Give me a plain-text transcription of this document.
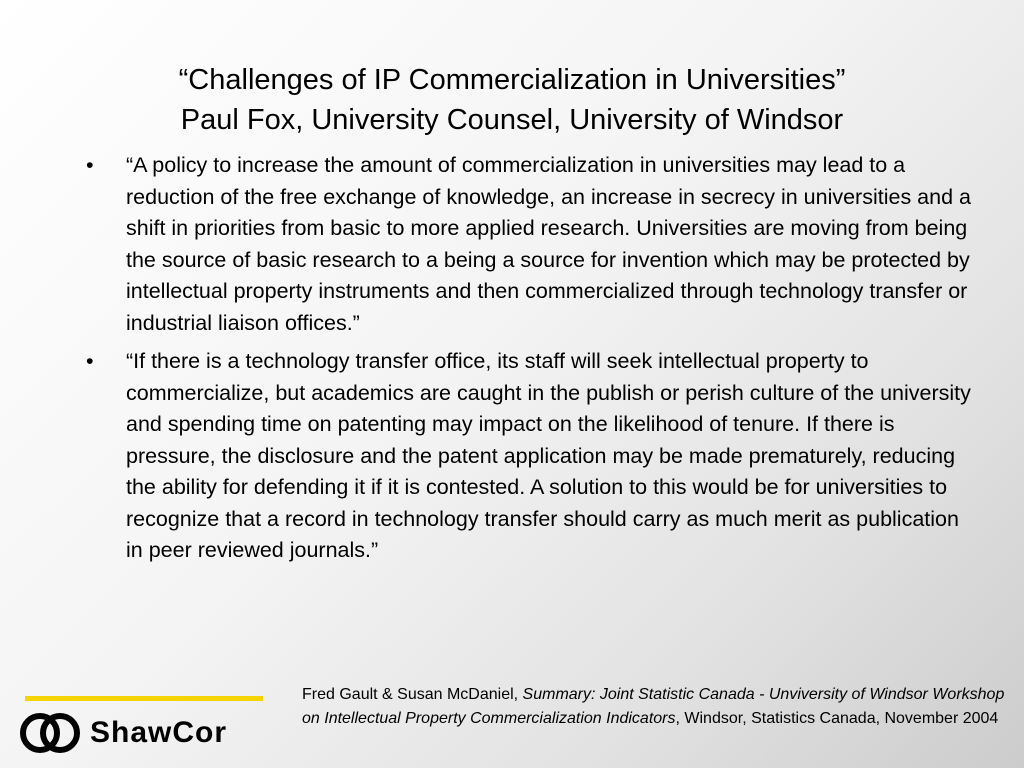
“Challenges of IP Commercialization in Universities”
Paul Fox, University Counsel, University of Windsor
• “A policy to increase the amount of commercialization in universities may lead to a reduction of the free exchange of knowledge, an increase in secrecy in universities and a shift in priorities from basic to more applied research. Universities are moving from being the source of basic research to a being a source for invention which may be protected by intellectual property instruments and then commercialized through technology transfer or industrial liaison offices.”
• “If there is a technology transfer office, its staff will seek intellectual property to commercialize, but academics are caught in the publish or perish culture of the university and spending time on patenting may impact on the likelihood of tenure. If there is pressure, the disclosure and the patent application may be made prematurely, reducing the ability for defending it if it is contested. A solution to this would be for universities to recognize that a record in technology transfer should carry as much merit as publication in peer reviewed journals.”
ShawCor
Fred Gault & Susan McDaniel, Summary: Joint Statistic Canada - Unviversity of Windsor Workshop on Intellectual Property Commercialization Indicators, Windsor, Statistics Canada, November 2004
